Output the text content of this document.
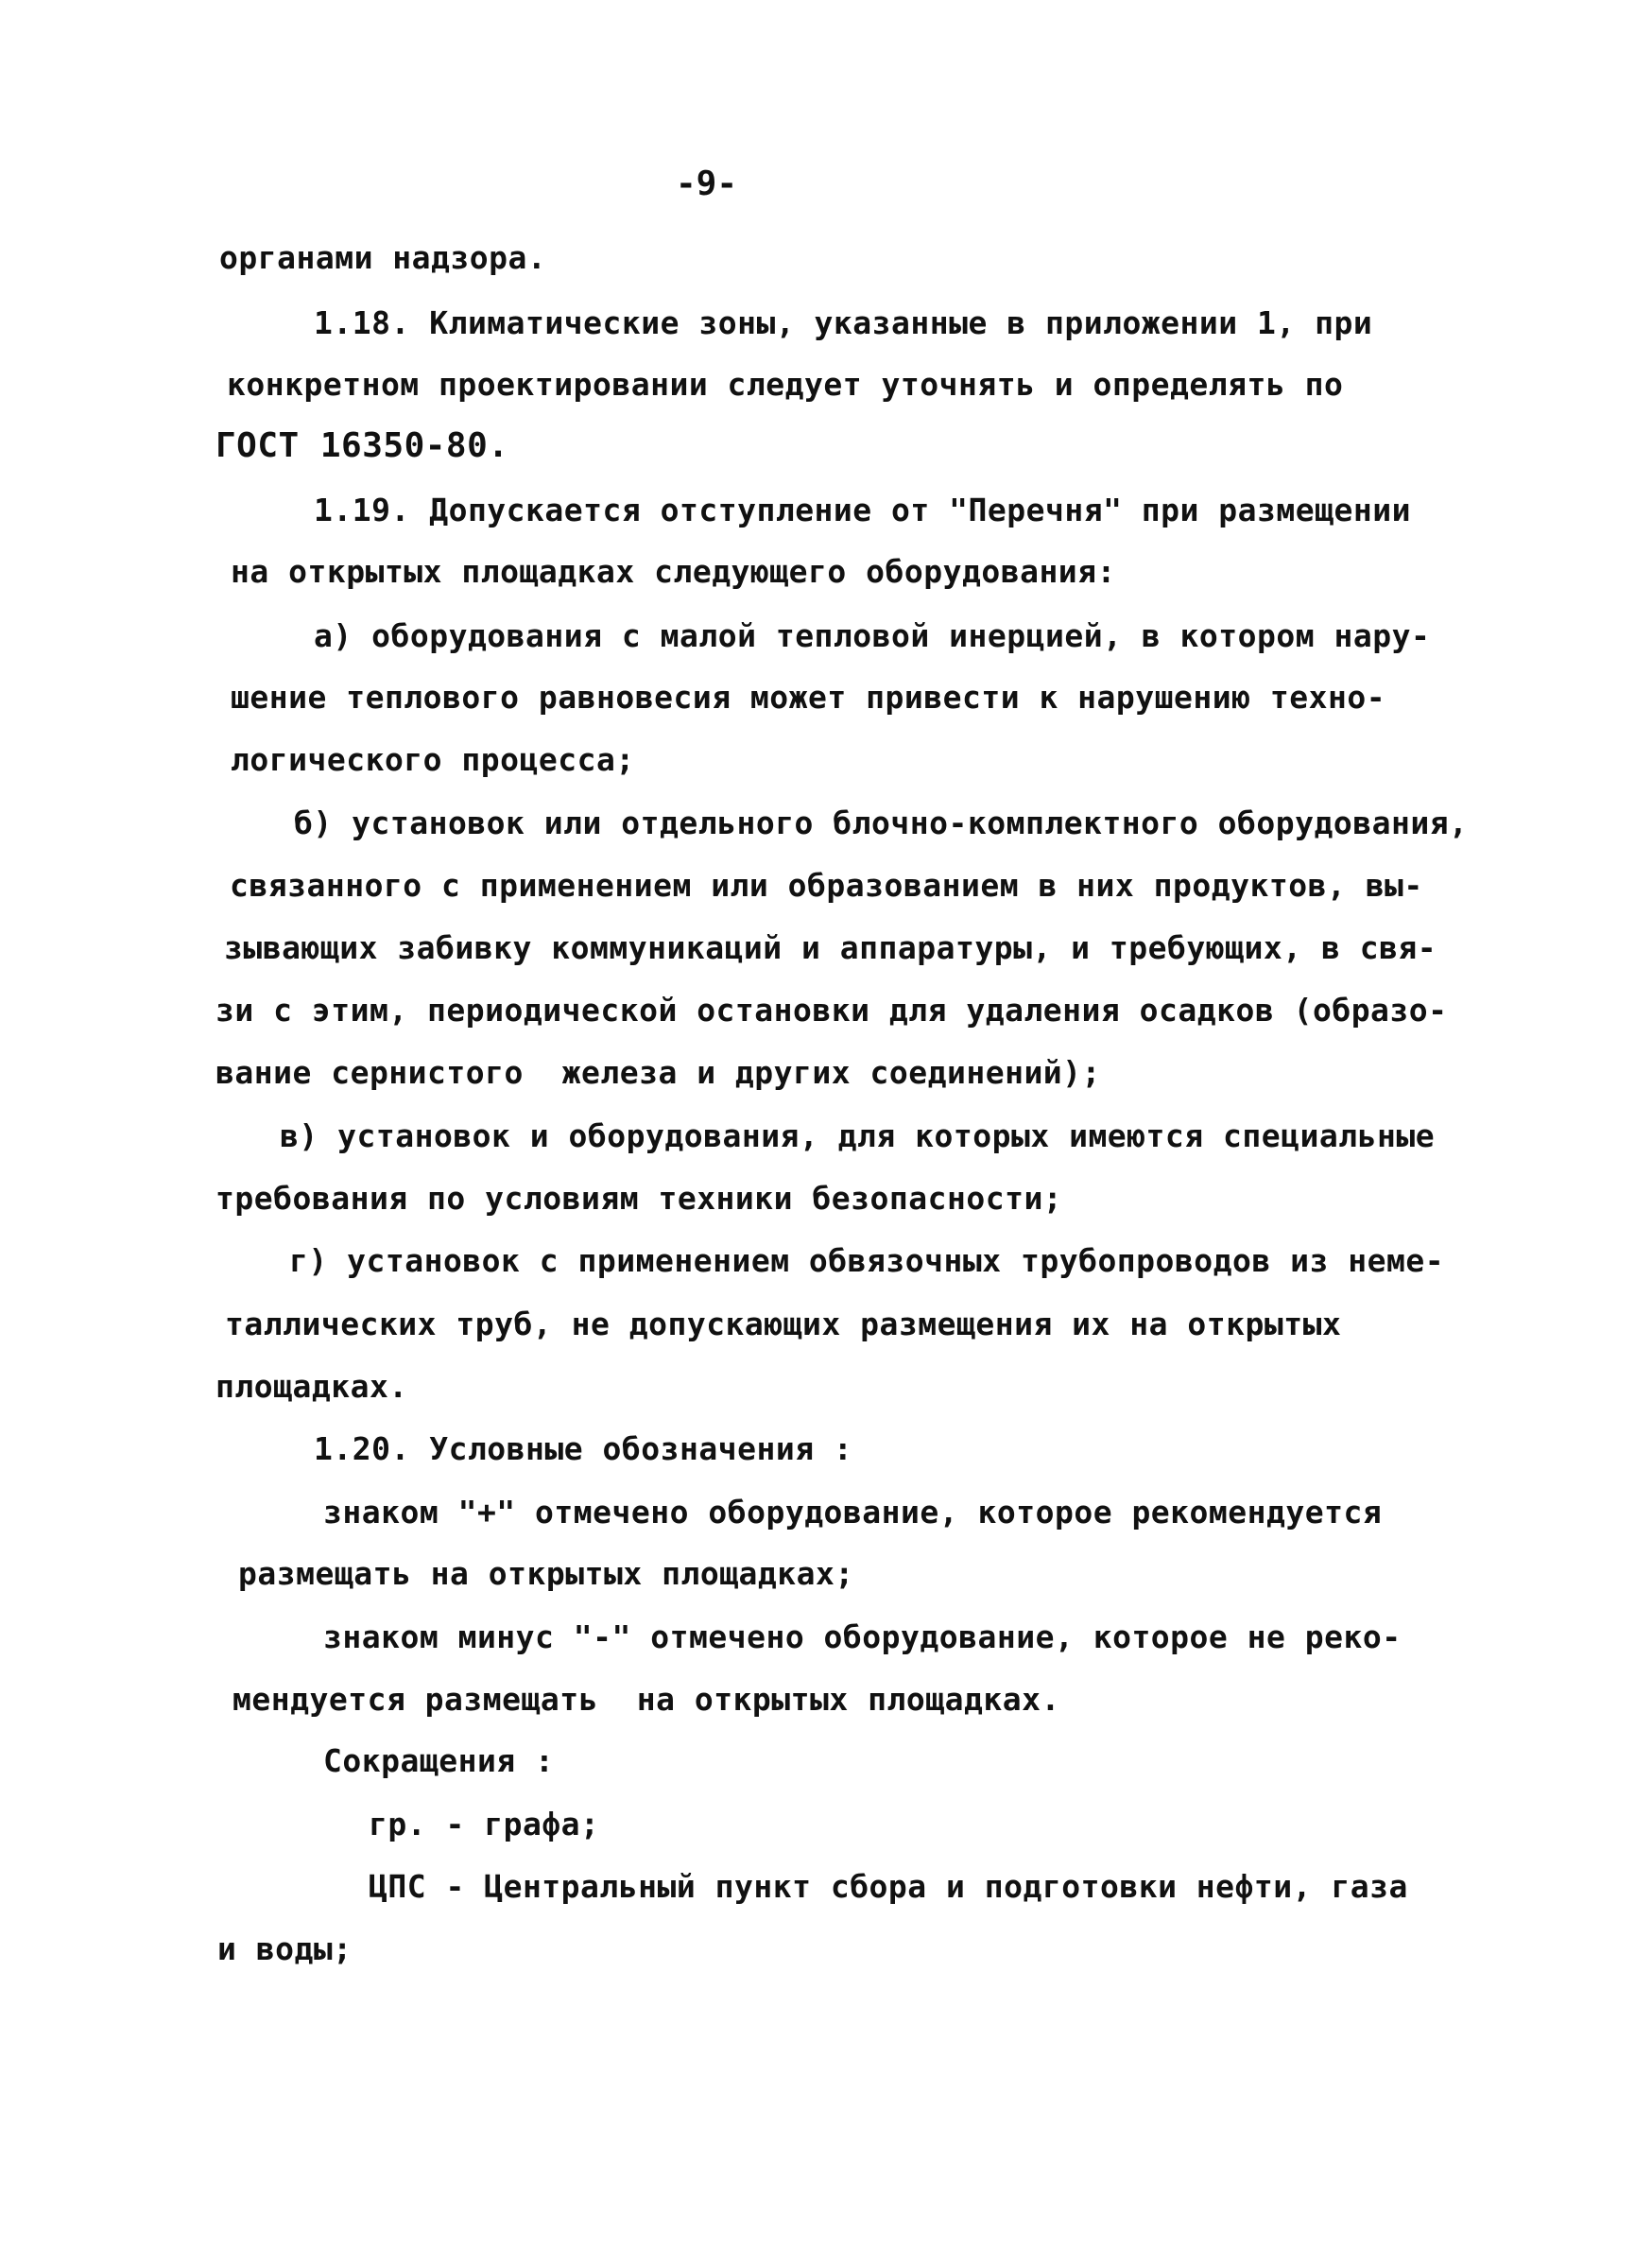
-9-
органами надзора.
1.18. Климатические зоны, указанные в приложении 1, при
конкретном проектировании следует уточнять и определять по
ГОСТ 16350-80.
1.19. Допускается отступление от "Перечня" при размещении
на открытых площадках следующего оборудования:
а) оборудования с малой тепловой инерцией, в котором нару-
шение теплового равновесия может привести к нарушению техно-
логического процесса;
б) установок или отдельного блочно-комплектного оборудования,
связанного с применением или образованием в них продуктов, вы-
зывающих забивку коммуникаций и аппаратуры, и требующих, в свя-
зи с этим, периодической остановки для удаления осадков (образо-
вание сернистого  железа и других соединений);
в) установок и оборудования, для которых имеются специальные
требования по условиям техники безопасности;
г) установок с применением обвязочных трубопроводов из неме-
таллических труб, не допускающих размещения их на открытых
площадках.
1.20. Условные обозначения :
знаком "+" отмечено оборудование, которое рекомендуется
размещать на открытых площадках;
знаком минус "-" отмечено оборудование, которое не реко-
мендуется размещать  на открытых площадках.
Сокращения :
гр. - графа;
ЦПС - Центральный пункт сбора и подготовки нефти, газа
и воды;
